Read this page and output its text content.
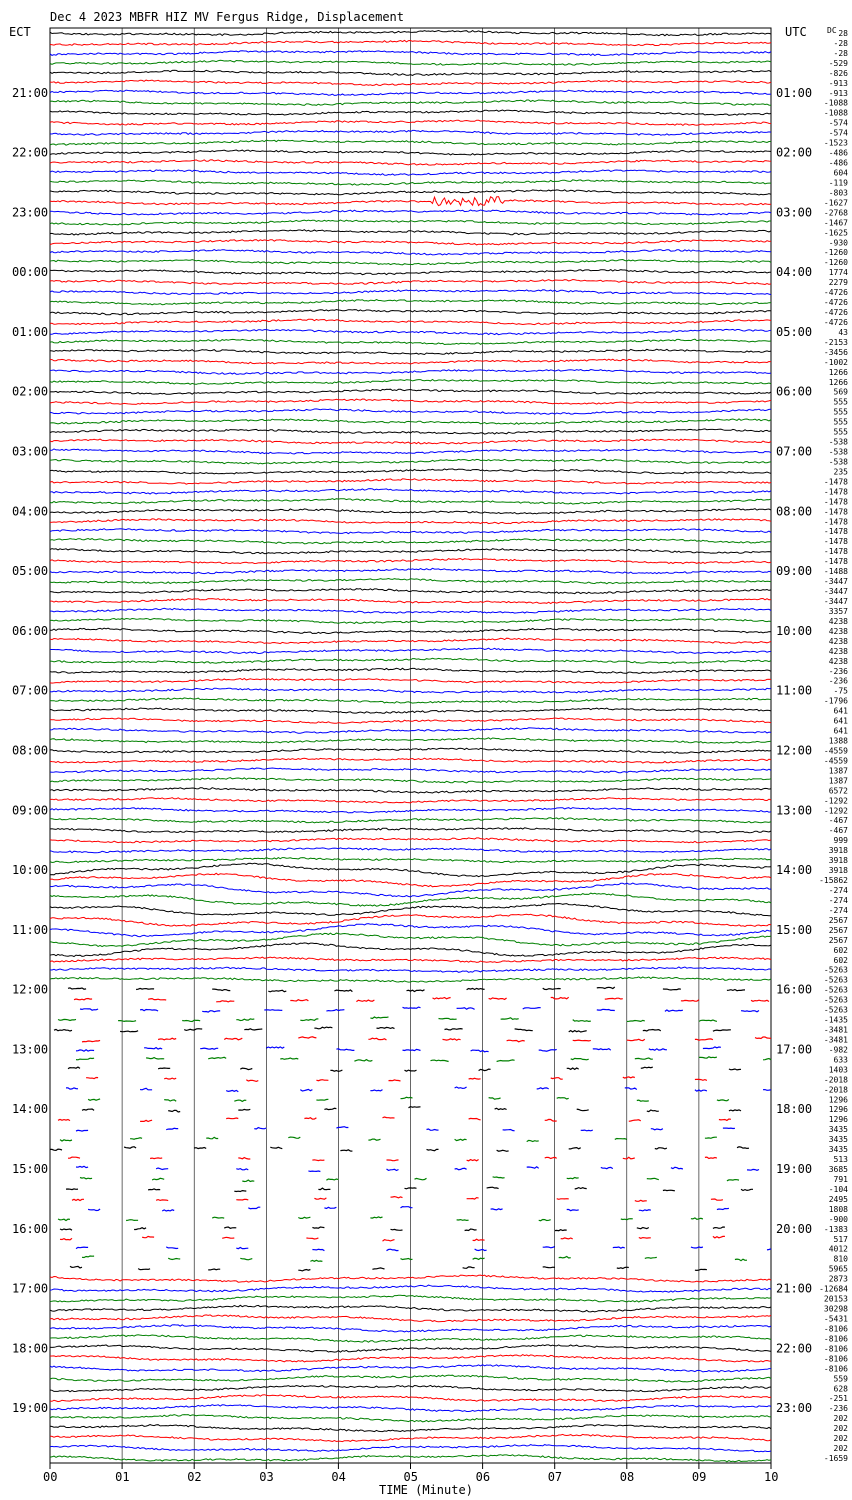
Dec 4 2023 MBFR HIZ MV Fergus Ridge, Displacement
ECT	UTC	DC
00	01	02	03	04	05	06	07	08	09	10
28
-28
-28
-529
-826
-913
-913
-1088
-1088
-574
-574
-1523
-486
-486
604
-119
-803
-1627
-2768
-1467
-1625
-930
-1260
-1260
1774
2279
-4726
-4726
-4726
-4726
43
-2153
-3456
-1002
1266
1266
569
555
555
555
555
-538
-538
-538
235
-1478
-1478
-1478
-1478
-1478
-1478
-1478
-1478
-1478
-1488
-3447
-3447
-3447
3357
4238
4238
4238
4238
4238
-236
-236
-75
-1796
641
641
641
1388
-4559
-4559
1387
1387
6572
-1292
-1292
-467
-467
999
3918
3918
3918
-15862
-274
-274
-274
2567
2567
2567
602
602
-5263
-5263
-5263
-5263
-5263
-1435
-3481
-3481
-982
633
1403
-2018
-2018
1296
1296
1296
3435
3435
3435
513
3685
791
-104
2495
1808
-900
-1383
517
4012
810
5965
2873
-12684
20153
30298
-5431
-8106
-8106
-8106
-8106
-8106
559
628
-251
-236
202
202
202
202
-1659
21:00
22:00
23:00
00:00
01:00
02:00
03:00
04:00
05:00
06:00
07:00
08:00
09:00
10:00
11:00
12:00
13:00
14:00
15:00
16:00
17:00
18:00
19:00
01:00
02:00
03:00
04:00
05:00
06:00
07:00
08:00
09:00
10:00
11:00
12:00
13:00
14:00
15:00
16:00
17:00
18:00
19:00
20:00
21:00
22:00
23:00
TIME (Minute)
